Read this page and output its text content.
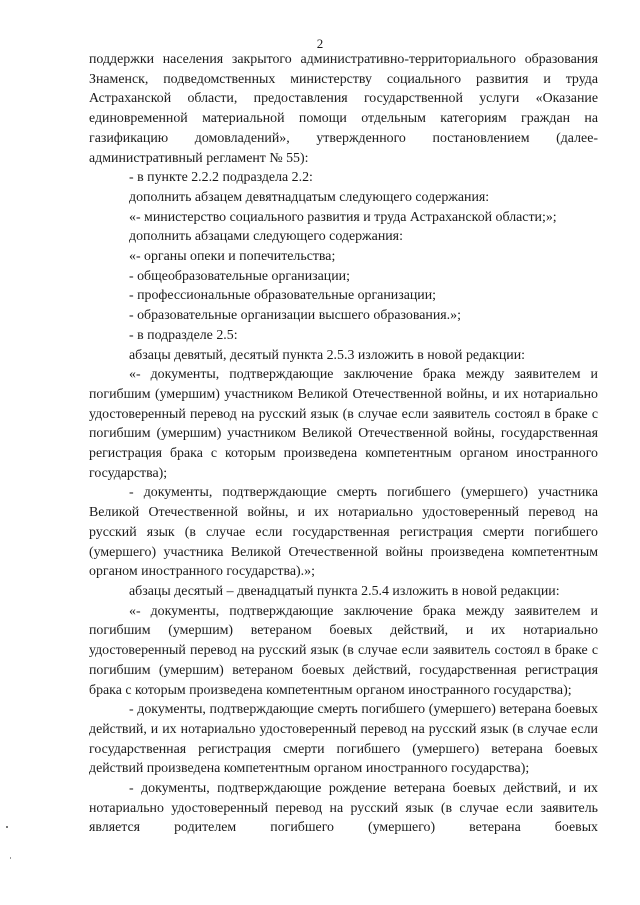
2

поддержки населения закрытого административно-территориального образования Знаменск, подведомственных министерству социального развития и труда Астраханской области, предоставления государственной услуги «Оказание единовременной материальной помощи отдельным категориям граждан на газификацию домовладений», утвержденного постановлением (далее-административный регламент № 55):

- в пункте 2.2.2 подраздела 2.2:

дополнить абзацем девятнадцатым следующего содержания:

«- министерство социального развития и труда Астраханской области;»;

дополнить абзацами следующего содержания:

«- органы опеки и попечительства;

- общеобразовательные организации;

- профессиональные образовательные организации;

- образовательные организации высшего образования.»;

- в подразделе 2.5:

абзацы девятый, десятый пункта 2.5.3 изложить в новой редакции:

«- документы, подтверждающие заключение брака между заявителем и погибшим (умершим) участником Великой Отечественной войны, и их нотариально удостоверенный перевод на русский язык (в случае если заявитель состоял в браке с погибшим (умершим) участником Великой Отечественной войны, государственная регистрация брака с которым произведена компетентным органом иностранного государства);

- документы, подтверждающие смерть погибшего (умершего) участника Великой Отечественной войны, и их нотариально удостоверенный перевод на русский язык (в случае если государственная регистрация смерти погибшего (умершего) участника Великой Отечественной войны произведена компетентным органом иностранного государства).»;

абзацы десятый – двенадцатый пункта 2.5.4 изложить в новой редакции:

«- документы, подтверждающие заключение брака между заявителем и погибшим (умершим) ветераном боевых действий, и их нотариально удостоверенный перевод на русский язык (в случае если заявитель состоял в браке с погибшим (умершим) ветераном боевых действий, государственная регистрация брака с которым произведена компетентным органом иностранного государства);

- документы, подтверждающие смерть погибшего (умершего) ветерана боевых действий, и их нотариально удостоверенный перевод на русский язык (в случае если государственная регистрация смерти погибшего (умершего) ветерана боевых действий произведена компетентным органом иностранного государства);

- документы, подтверждающие рождение ветерана боевых действий, и их нотариально удостоверенный перевод на русский язык (в случае если заявитель является родителем погибшего (умершего) ветерана боевых
